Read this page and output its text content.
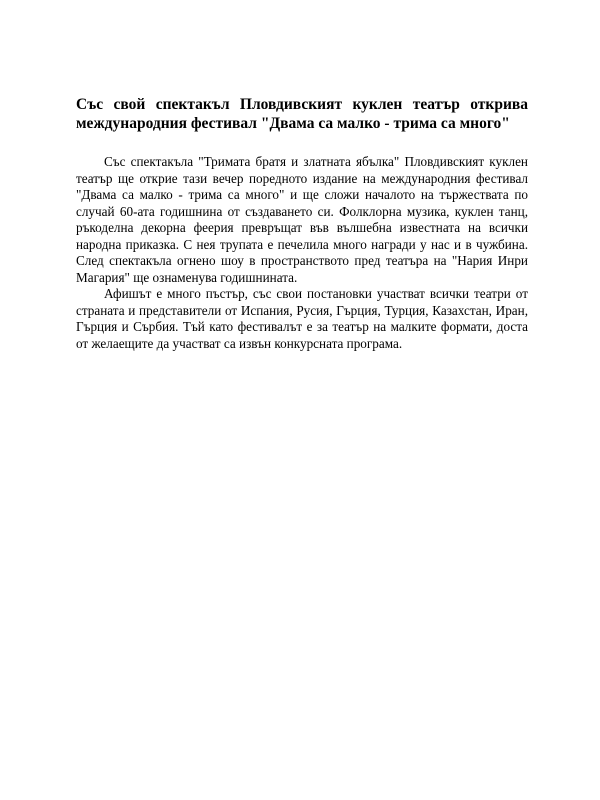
Със свой спектакъл Пловдивският куклен театър открива международния фестивал "Двама са малко - трима са много"

Със спектакъла "Тримата братя и златната ябълка" Пловдивският куклен театър ще открие тази вечер поредното издание на международния фестивал "Двама са малко - трима са много" и ще сложи началото на тържествата по случай 60-ата годишнина от създаването си. Фолклорна музика, куклен танц, ръкоделна декорна феерия превръщат във вълшебна известната на всички народна приказка. С нея трупата е печелила много награди у нас и в чужбина. След спектакъла огнено шоу в пространството пред театъра на "Нария Инри Магария" ще ознаменува годишнината.

Афишът е много пъстър, със свои постановки участват всички театри от страната и представители от Испания, Русия, Гърция, Турция, Казахстан, Иран, Гърция и Сърбия. Тъй като фестивалът е за театър на малките формати, доста от желаещите да участват са извън конкурсната програма.
